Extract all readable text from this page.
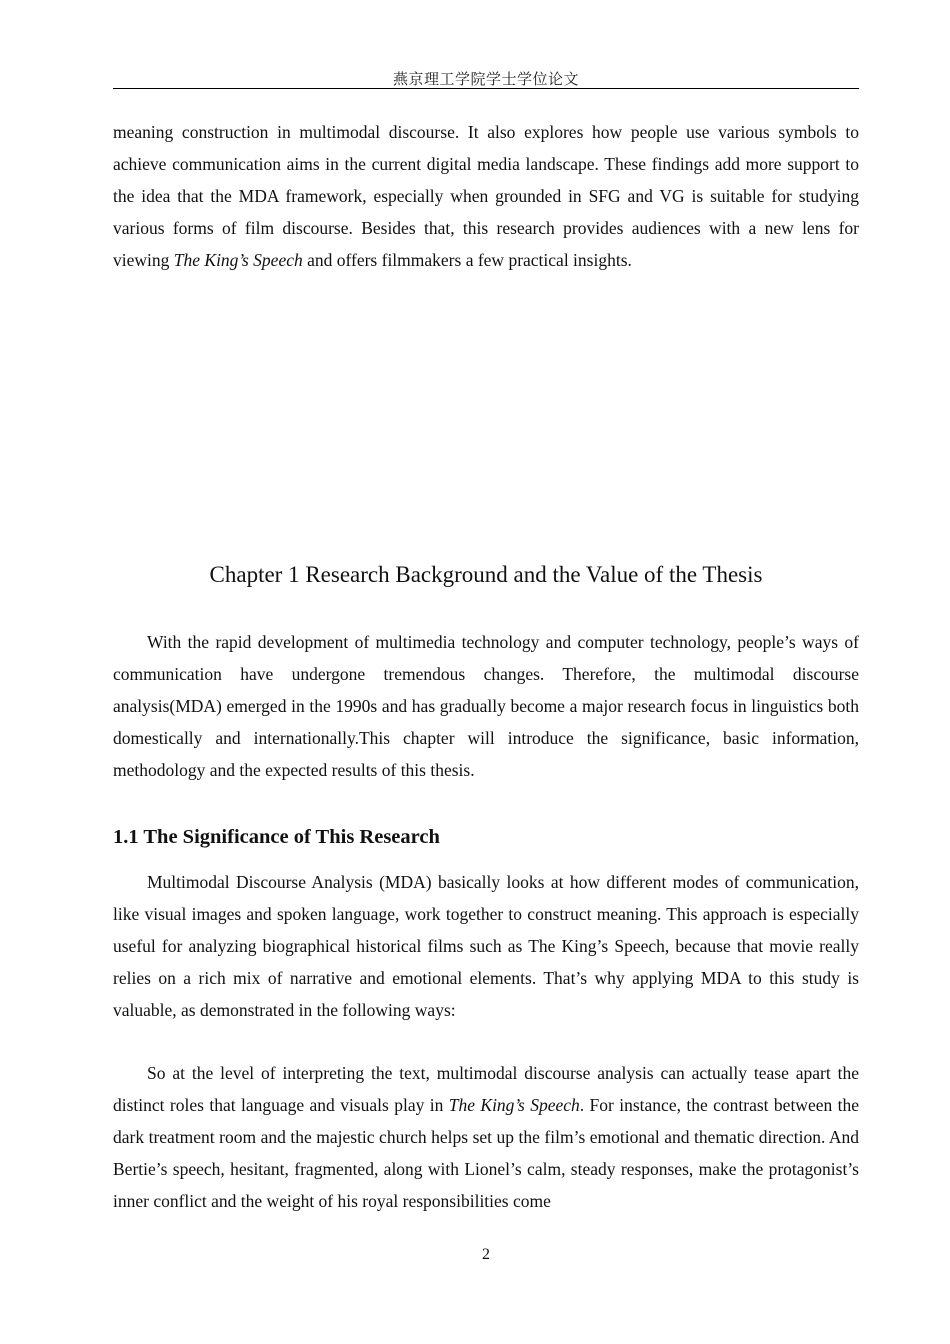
燕京理工学院学士学位论文

meaning construction in multimodal discourse. It also explores how people use various symbols to achieve communication aims in the current digital media landscape. These findings add more support to the idea that the MDA framework, especially when grounded in SFG and VG is suitable for studying various forms of film discourse. Besides that, this research provides audiences with a new lens for viewing The King’s Speech and offers filmmakers a few practical insights.

Chapter 1 Research Background and the Value of the Thesis

With the rapid development of multimedia technology and computer technology, people’s ways of communication have undergone tremendous changes. Therefore, the multimodal discourse analysis(MDA) emerged in the 1990s and has gradually become a major research focus in linguistics both domestically and internationally.This chapter will introduce the significance, basic information, methodology and the expected results of this thesis.

1.1 The Significance of This Research

Multimodal Discourse Analysis (MDA) basically looks at how different modes of communication, like visual images and spoken language, work together to construct meaning. This approach is especially useful for analyzing biographical historical films such as The King’s Speech, because that movie really relies on a rich mix of narrative and emotional elements. That’s why applying MDA to this study is valuable, as demonstrated in the following ways:

So at the level of interpreting the text, multimodal discourse analysis can actually tease apart the distinct roles that language and visuals play in The King’s Speech. For instance, the contrast between the dark treatment room and the majestic church helps set up the film’s emotional and thematic direction. And Bertie’s speech, hesitant, fragmented, along with Lionel’s calm, steady responses, make the protagonist’s inner conflict and the weight of his royal responsibilities come

2
